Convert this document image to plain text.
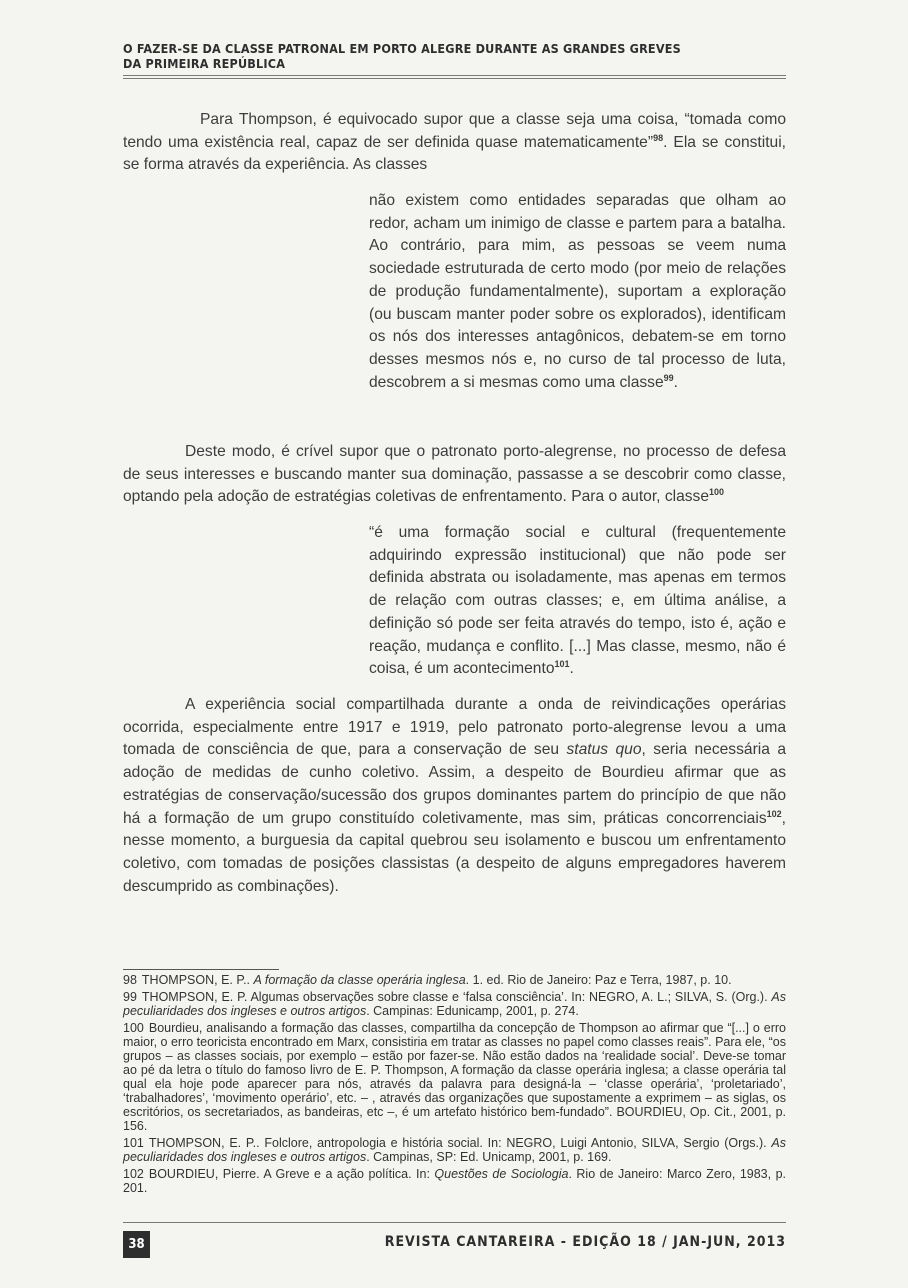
O FAZER-SE DA CLASSE PATRONAL EM PORTO ALEGRE DURANTE AS GRANDES GREVES DA PRIMEIRA REPÚBLICA
Para Thompson, é equivocado supor que a classe seja uma coisa, “tomada como tendo uma existência real, capaz de ser definida quase matematicamente”$^{98}$. Ela se constitui, se forma através da experiência. As classes
não existem como entidades separadas que olham ao redor, acham um inimigo de classe e partem para a batalha. Ao contrário, para mim, as pessoas se veem numa sociedade estruturada de certo modo (por meio de relações de produção fundamentalmente), suportam a exploração (ou buscam manter poder sobre os explorados), identificam os nós dos interesses antagônicos, debatem-se em torno desses mesmos nós e, no curso de tal processo de luta, descobrem a si mesmas como uma classe$^{99}$.
Deste modo, é crível supor que o patronato porto-alegrense, no processo de defesa de seus interesses e buscando manter sua dominação, passasse a se descobrir como classe, optando pela adoção de estratégias coletivas de enfrentamento. Para o autor, classe$^{100}$
“é uma formação social e cultural (frequentemente adquirindo expressão institucional) que não pode ser definida abstrata ou isoladamente, mas apenas em termos de relação com outras classes; e, em última análise, a definição só pode ser feita através do tempo, isto é, ação e reação, mudança e conflito. [...] Mas classe, mesmo, não é coisa, é um acontecimento$^{101}$.
A experiência social compartilhada durante a onda de reivindicações operárias ocorrida, especialmente entre 1917 e 1919, pelo patronato porto-alegrense levou a uma tomada de consciência de que, para a conservação de seu status quo, seria necessária a adoção de medidas de cunho coletivo. Assim, a despeito de Bourdieu afirmar que as estratégias de conservação/sucessão dos grupos dominantes partem do princípio de que não há a formação de um grupo constituído coletivamente, mas sim, práticas concorrenciais$^{102}$, nesse momento, a burguesia da capital quebrou seu isolamento e buscou um enfrentamento coletivo, com tomadas de posições classistas (a despeito de alguns empregadores haverem descumprido as combinações).
98 THOMPSON, E. P.. A formação da classe operária inglesa. 1. ed. Rio de Janeiro: Paz e Terra, 1987, p. 10.
99 THOMPSON, E. P. Algumas observações sobre classe e ‘falsa consciência’. In: NEGRO, A. L.; SILVA, S. (Org.). As peculiaridades dos ingleses e outros artigos. Campinas: Edunicamp, 2001, p. 274.
100 Bourdieu, analisando a formação das classes, compartilha da concepção de Thompson ao afirmar que “[...] o erro maior, o erro teoricista encontrado em Marx, consistiria em tratar as classes no papel como classes reais”. Para ele, “os grupos – as classes sociais, por exemplo – estão por fazer-se. Não estão dados na ‘realidade social’. Deve-se tomar ao pé da letra o título do famoso livro de E. P. Thompson, A formação da classe operária inglesa; a classe operária tal qual ela hoje pode aparecer para nós, através da palavra para designá-la – ‘classe operária’, ‘proletariado’, ‘trabalhadores’, ‘movimento operário’, etc. – , através das organizações que supostamente a exprimem – as siglas, os escritórios, os secretariados, as bandeiras, etc –, é um artefato histórico bem-fundado”. BOURDIEU, Op. Cit., 2001, p. 156.
101 THOMPSON, E. P.. Folclore, antropologia e história social. In: NEGRO, Luigi Antonio, SILVA, Sergio (Orgs.). As peculiaridades dos ingleses e outros artigos. Campinas, SP: Ed. Unicamp, 2001, p. 169.
102 BOURDIEU, Pierre. A Greve e a ação política. In: Questões de Sociologia. Rio de Janeiro: Marco Zero, 1983, p. 201.
38	REVISTA CANTAREIRA - EDIÇÃO 18 / JAN-JUN, 2013
